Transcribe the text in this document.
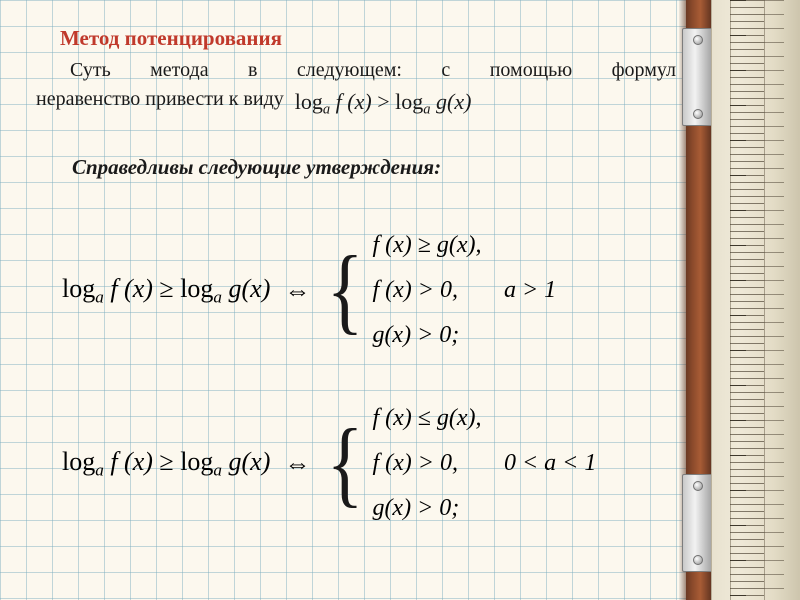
Метод потенцирования
Суть метода в следующем: с помощью формул
неравенство привести к виду $\log_a f$ $(x) > \log_a g(x)$
Справедливы следующие утверждения:
$\log_a f$ $(x) \ge \log_a g(x)$ ⇔ { f (x) ≥ g(x),
f (x) > 0, a > 1
g(x) > 0;
$\log_a f$ $(x) \ge \log_a g(x)$ ⇔ { f (x) ≤ g(x),
f (x) > 0, 0 < a < 1
g(x) > 0;
